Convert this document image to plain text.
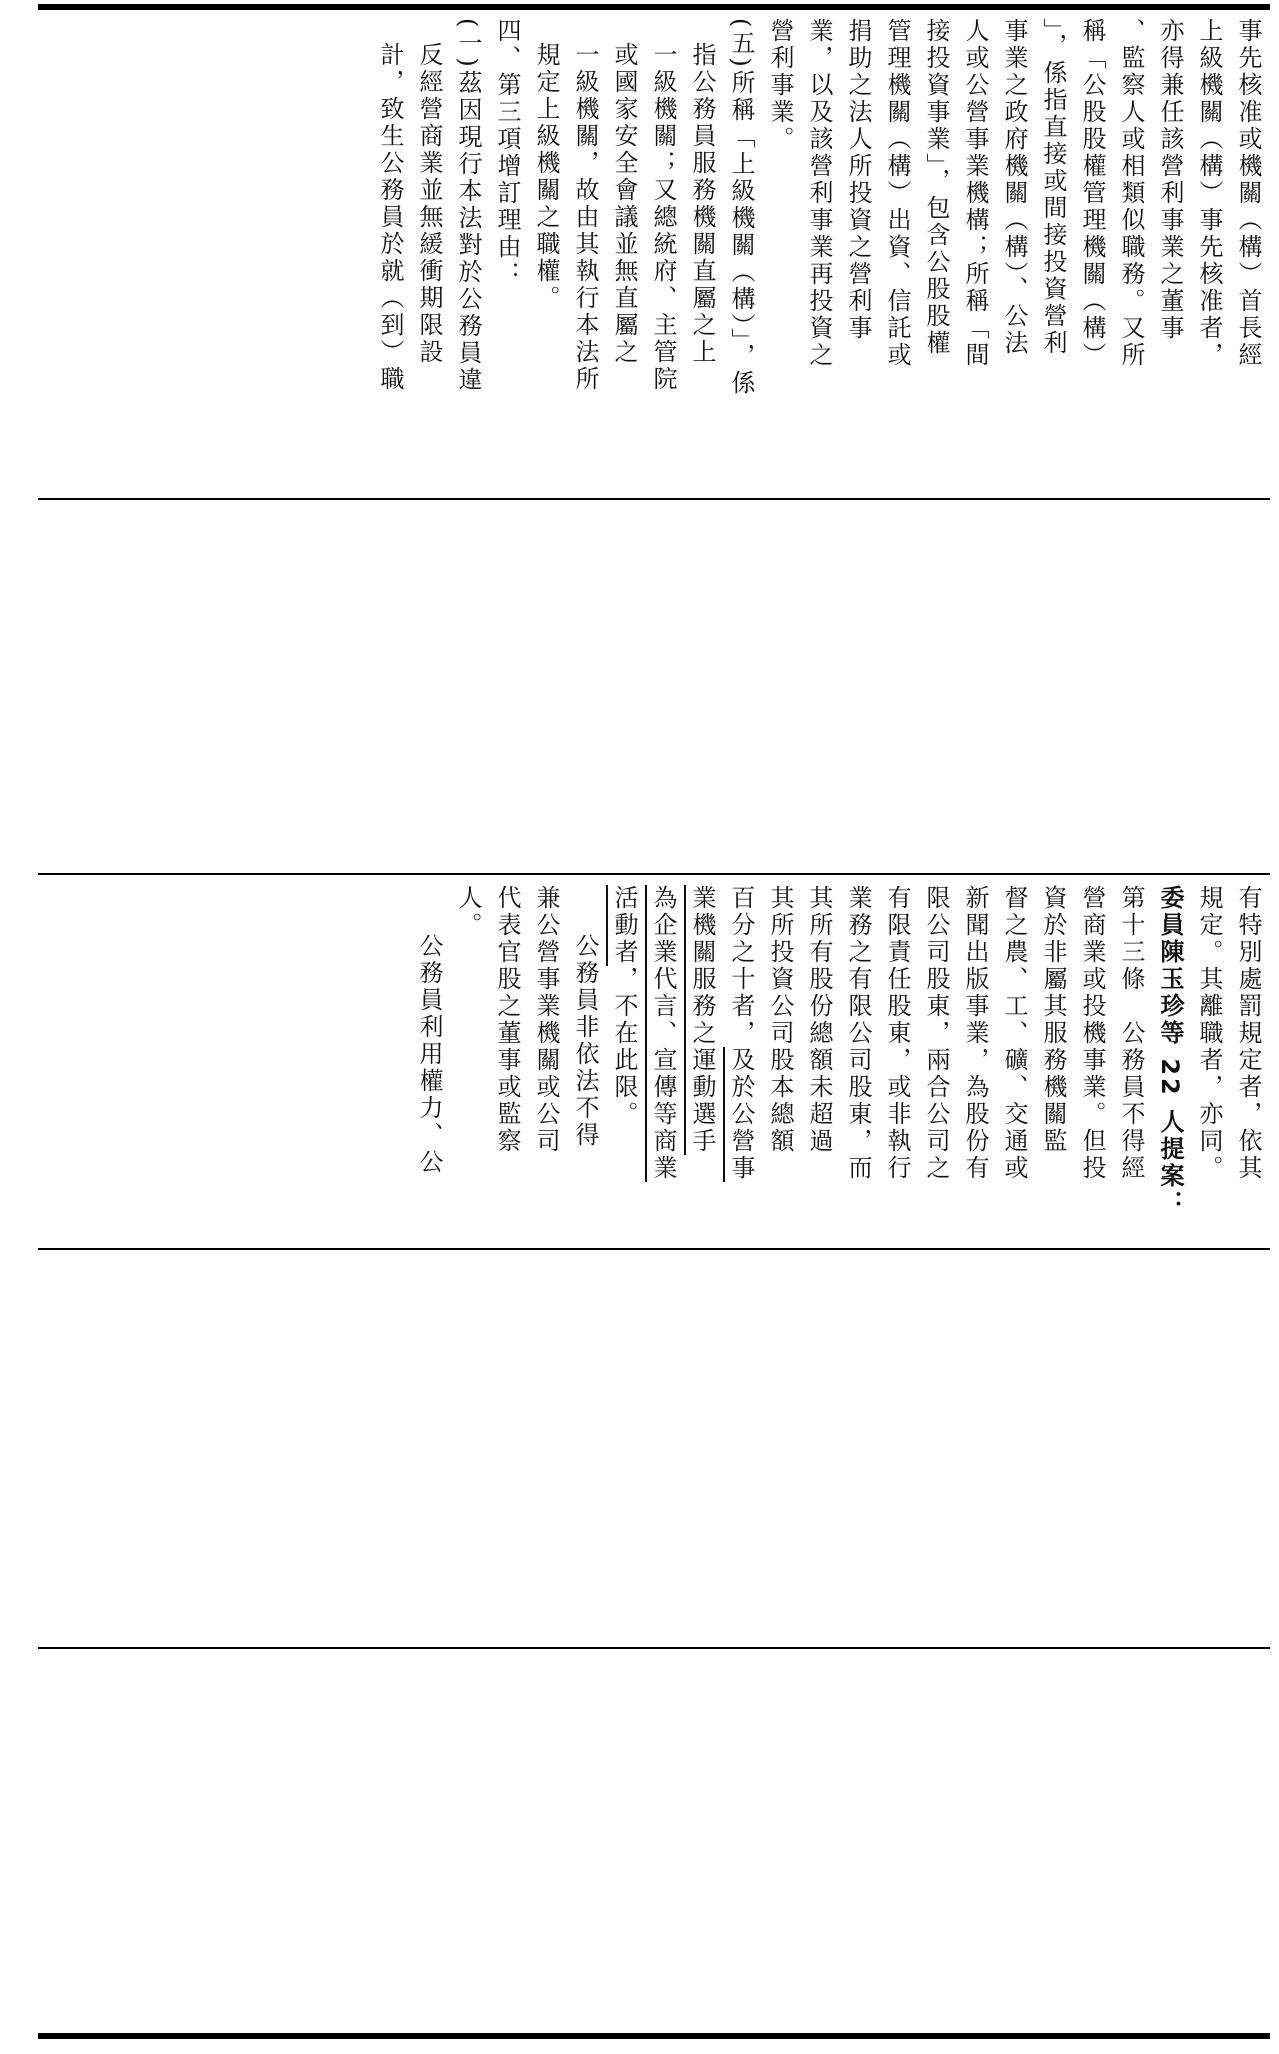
事先核准或機關（構）首長經

上級機關（構）事先核准者，

亦得兼任該營利事業之董事

、監察人或相類似職務。又所

稱「公股股權管理機關（構）

」，係指直接或間接投資營利

事業之政府機關（構）、公法

人或公營事業機構；所稱「間

接投資事業」，包含公股股權

管理機關（構）出資、信託或

捐助之法人所投資之營利事

業，以及該營利事業再投資之

營利事業。

(五)所稱「上級機關（構）」，係

指公務員服務機關直屬之上

一級機關；又總統府、主管院

或國家安全會議並無直屬之

一級機關，故由其執行本法所

規定上級機關之職權。

四、第三項增訂理由：

(一)茲因現行本法對於公務員違

反經營商業並無緩衝期限設

計，致生公務員於就（到）職

有特別處罰規定者，依其

規定。其離職者，亦同。

委員陳玉珍等 22 人提案：

第十三條　公務員不得經

營商業或投機事業。但投

資於非屬其服務機關監

督之農、工、礦、交通或

新聞出版事業，為股份有

限公司股東，兩合公司之

有限責任股東，或非執行

業務之有限公司股東，而

其所有股份總額未超過

其所投資公司股本總額

百分之十者，及於公營事

業機關服務之運動選手

為企業代言、宣傳等商業

活動者，不在此限。

公務員非依法不得

兼公營事業機關或公司

代表官股之董事或監察

人。

公務員利用權力、公
